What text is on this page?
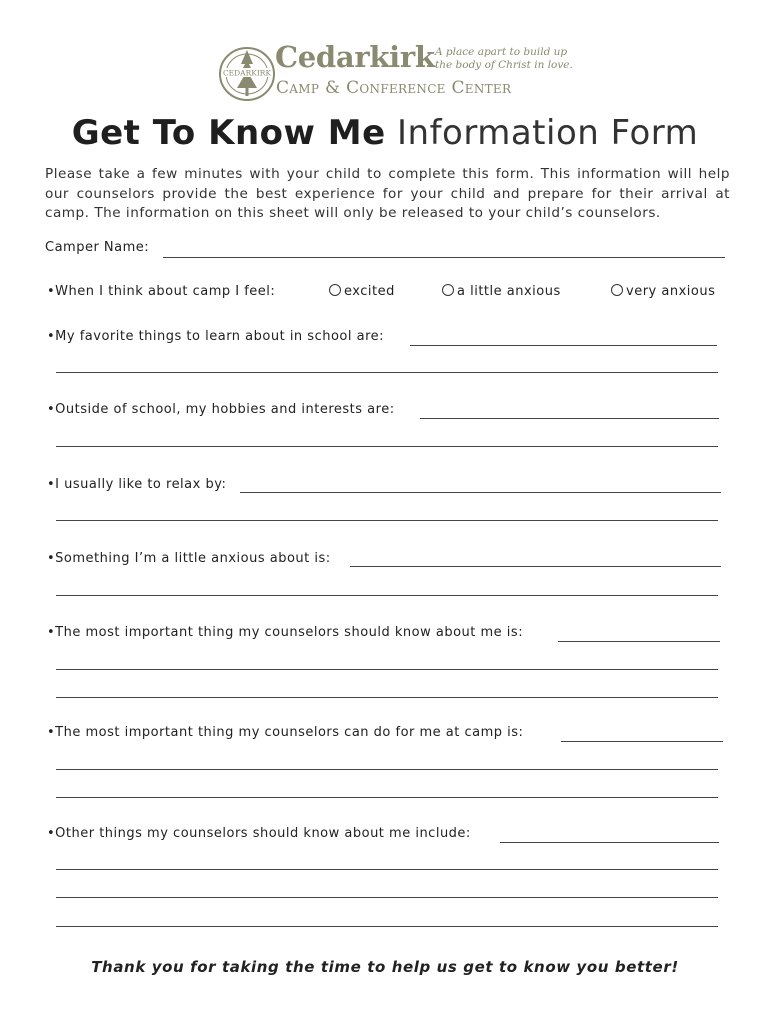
CEDARKIRK Cedarkirk A place apart to build up
the body of Christ in love.
Camp & Conference Center
Get To Know Me Information Form
Please take a few minutes with your child to complete this form. This information will help our counselors provide the best experience for your child and prepare for their arrival at camp. The information on this sheet will only be released to your child’s counselors.
Camper Name:
•When I think about camp I feel:	excited	a little anxious	very anxious
•My favorite things to learn about in school are:
•Outside of school, my hobbies and interests are:
•I usually like to relax by:
•Something I’m a little anxious about is:
•The most important thing my counselors should know about me is:
•The most important thing my counselors can do for me at camp is:
•Other things my counselors should know about me include:
Thank you for taking the time to help us get to know you better!
